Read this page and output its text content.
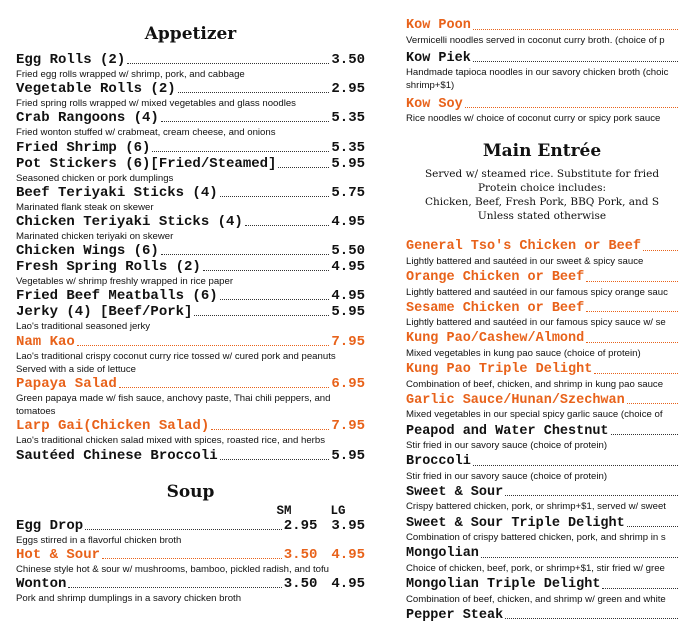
Appetizer
Egg Rolls (2)	3.50
Fried egg rolls wrapped w/ shrimp, pork, and cabbage
Vegetable Rolls (2)	2.95
Fried spring rolls wrapped w/ mixed vegetables and glass noodles
Crab Rangoons (4)	5.35
Fried wonton stuffed w/ crabmeat, cream cheese, and onions
Fried Shrimp (6)	5.35
Pot Stickers (6)[Fried/Steamed]	5.95
Seasoned chicken or pork dumplings
Beef Teriyaki Sticks (4)	5.75
Marinated flank steak on skewer
Chicken Teriyaki Sticks (4)	4.95
Marinated chicken teriyaki on skewer
Chicken Wings (6)	5.50
Fresh Spring Rolls (2)	4.95
Vegetables w/ shrimp freshly wrapped in rice paper
Fried Beef Meatballs (6)	4.95
Jerky (4) [Beef/Pork]	5.95
Lao's traditional seasoned jerky
Nam Kao	7.95
Lao's traditional crispy coconut curry rice tossed w/ cured pork and peanuts Served with a side of lettuce
Papaya Salad	6.95
Green papaya made w/ fish sauce, anchovy paste, Thai chili peppers, and tomatoes
Larp Gai(Chicken Salad)	7.95
Lao's traditional chicken salad mixed with spices, roasted rice, and herbs
Sautéed Chinese Broccoli	5.95
Soup
SM	LG
Egg Drop	2.95 3.95
Eggs stirred in a flavorful chicken broth
Hot & Sour	3.50 4.95
Chinese style hot & sour w/ mushrooms, bamboo, pickled radish, and tofu
Wonton	3.50 4.95
Pork and shrimp dumplings in a savory chicken broth
Kow Poon
Vermicelli noodles served in coconut curry broth. (choice of p
Kow Piek
Handmade tapioca noodles in our savory chicken broth (choic shrimp+$1)
Kow Soy
Rice noodles w/ choice of coconut curry or spicy pork sauce
Main Entrée
Served w/ steamed rice. Substitute for fried
Protein choice includes:
Chicken, Beef, Fresh Pork, BBQ Pork, and S
Unless stated otherwise
General Tso's Chicken or Beef
Lightly battered and sautéed in our sweet & spicy sauce
Orange Chicken or Beef
Lightly battered and sautéed in our famous spicy orange sauc
Sesame Chicken or Beef
Lightly battered and sautéed in our famous spicy sauce w/ se
Kung Pao/Cashew/Almond
Mixed vegetables in kung pao sauce (choice of protein)
Kung Pao Triple Delight
Combination of beef, chicken, and shrimp in kung pao sauce
Garlic Sauce/Hunan/Szechwan
Mixed vegetables in our special spicy garlic sauce (choice of
Peapod and Water Chestnut
Stir fried in our savory sauce (choice of protein)
Broccoli
Stir fried in our savory sauce (choice of protein)
Sweet & Sour
Crispy battered chicken, pork, or shrimp+$1, served w/ sweet
Sweet & Sour Triple Delight
Combination of crispy battered chicken, pork, and shrimp in s
Mongolian
Choice of chicken, beef, pork, or shrimp+$1, stir fried w/ gree
Mongolian Triple Delight
Combination of beef, chicken, and shrimp w/ green and white
Pepper Steak
